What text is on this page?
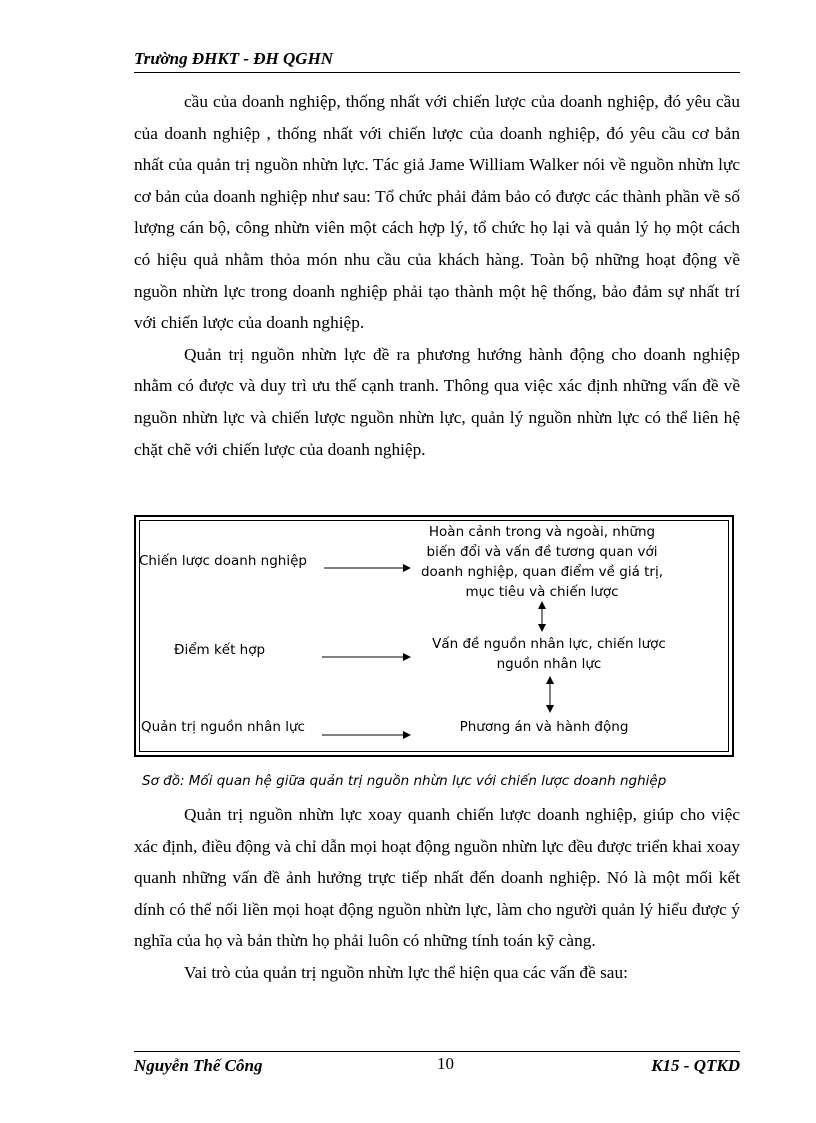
Trường ĐHKT - ĐH QGHN

cầu của doanh nghiệp, thống nhất với chiến lược của doanh nghiệp, đó yêu cầu của doanh nghiệp , thống nhất với chiến lược của doanh nghiệp, đó yêu cầu cơ bản nhất của quản trị nguồn nhừn lực. Tác giả Jame William Walker nói về nguồn nhừn lực cơ bản của doanh nghiệp như sau: Tổ chức phải đảm bảo có được các thành phần về số lượng cán bộ, công nhừn viên một cách hợp lý, tổ chức họ lại và quản lý họ một cách có hiệu quả nhằm thỏa món nhu cầu của khách hàng. Toàn bộ những hoạt động về nguồn nhừn lực trong doanh nghiệp phải tạo thành một hệ thống, bảo đảm sự nhất trí với chiến lược của doanh nghiệp.

Quản trị nguồn nhừn lực đề ra phương hướng hành động cho doanh nghiệp nhằm có được và duy trì ưu thế cạnh tranh. Thông qua việc xác định những vấn đề về nguồn nhừn lực và chiến lược nguồn nhừn lực, quản lý nguồn nhừn lực có thể liên hệ chặt chẽ với chiến lược của doanh nghiệp.

Chiến lược doanh nghiệp
Điểm kết hợp
Quản trị nguồn nhân lực
Hoàn cảnh trong và ngoài, những
biến đổi và vấn đề tương quan với
doanh nghiệp, quan điểm về giá trị,
mục tiêu và chiến lược
Vấn đề nguồn nhân lực, chiến lược
nguồn nhân lực
Phương án và hành động
Sơ đồ: Mối quan hệ giữa quản trị nguồn nhừn lực với chiến lược doanh nghiệp

Quản trị nguồn nhừn lực xoay quanh chiến lược doanh nghiệp, giúp cho việc xác định, điều động và chỉ dẫn mọi hoạt động nguồn nhừn lực đều được triển khai xoay quanh những vấn đề ảnh hưởng trực tiếp nhất đến doanh nghiệp. Nó là một mối kết dính có thể nối liền mọi hoạt động nguồn nhừn lực, làm cho người quản lý hiểu được ý nghĩa của họ và bản thừn họ phải luôn có những tính toán kỹ càng.

Vai trò của quản trị nguồn nhừn lực thể hiện qua các vấn đề sau:

Nguyễn Thế Công	10	K15 - QTKD
